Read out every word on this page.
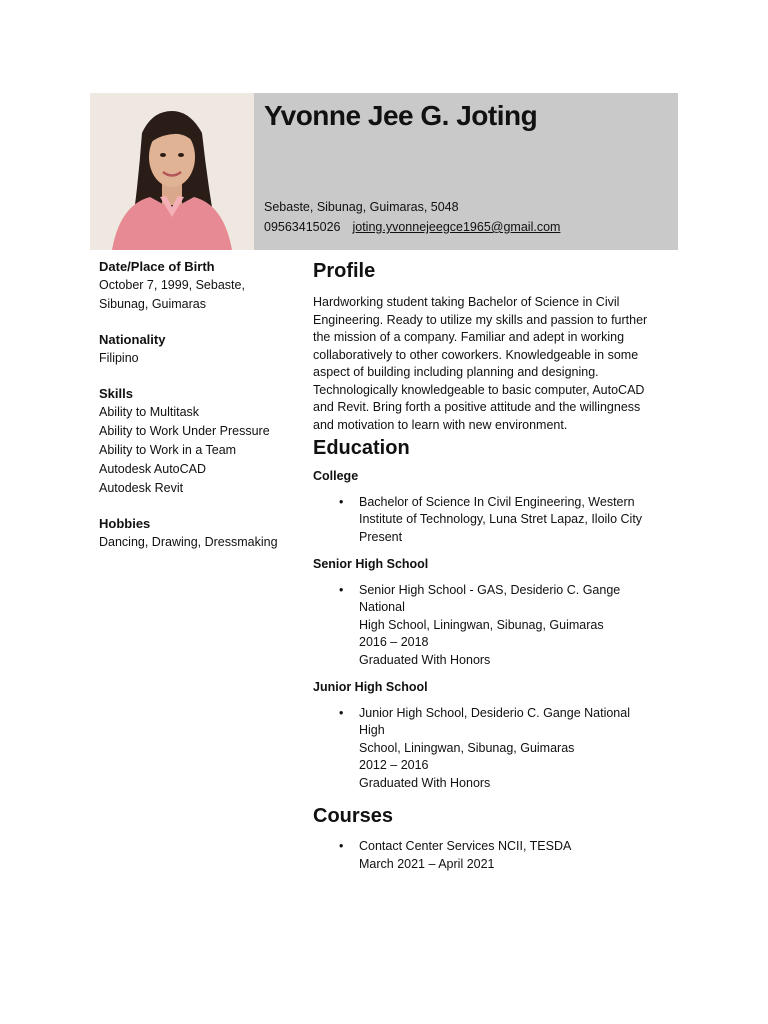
Yvonne Jee G. Joting
Sebaste, Sibunag, Guimaras, 5048
09563415026 joting.yvonnejeegce1965@gmail.com
Date/Place of Birth
October 7, 1999, Sebaste,
Sibunag, Guimaras
Nationality
Filipino
Skills
Ability to Multitask
Ability to Work Under Pressure
Ability to Work in a Team
Autodesk AutoCAD
Autodesk Revit
Hobbies
Dancing, Drawing, Dressmaking
Profile
Hardworking student taking Bachelor of Science in Civil Engineering. Ready to utilize my skills and passion to further the mission of a company. Familiar and adept in working collaboratively to other coworkers. Knowledgeable in some aspect of building including planning and designing. Technologically knowledgeable to basic computer, AutoCAD and Revit. Bring forth a positive attitude and the willingness and motivation to learn with new environment.
Education
College
• Bachelor of Science In Civil Engineering, Western
Institute of Technology, Luna Stret Lapaz, Iloilo City
Present
Senior High School
• Senior High School - GAS, Desiderio C. Gange National
High School, Liningwan, Sibunag, Guimaras
2016 – 2018
Graduated With Honors
Junior High School
• Junior High School, Desiderio C. Gange National High
School, Liningwan, Sibunag, Guimaras
2012 – 2016
Graduated With Honors
Courses
• Contact Center Services NCII, TESDA
March 2021 – April 2021
